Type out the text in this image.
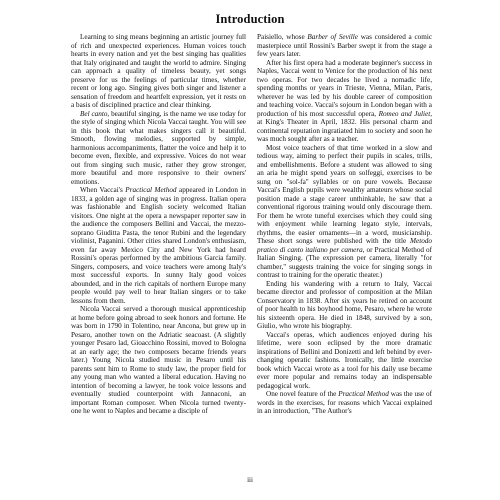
Introduction

Learning to sing means beginning an artistic journey full of rich and unexpected experiences. Human voices touch hearts in every nation and yet the best singing has qualities that Italy originated and taught the world to admire. Singing can approach a quality of timeless beauty, yet songs preserve for us the feelings of particular times, whether recent or long ago. Singing gives both singer and listener a sensation of freedom and heartfelt expression, yet it rests on a basis of disciplined practice and clear thinking.

Bel canto, beautiful singing, is the name we use today for the style of singing which Nicola Vaccai taught. You will see in this book that what makes singers call it beautiful. Smooth, flowing melodies, supported by simple, harmonious accompaniments, flatter the voice and help it to become even, flexible, and expressive. Voices do not wear out from singing such music, rather they grow stronger, more beautiful and more responsive to their owners' emotions.

When Vaccai's Practical Method appeared in London in 1833, a golden age of singing was in progress. Italian opera was fashionable and English society welcomed Italian visitors. One night at the opera a newspaper reporter saw in the audience the composers Bellini and Vaccai, the mezzo-soprano Giuditta Pasta, the tenor Rubini and the legendary violinist, Paganini. Other cities shared London's enthusiasm, even far away Mexico City and New York had heard Rossini's operas performed by the ambitious Garcia family. Singers, composers, and voice teachers were among Italy's most successful exports. In sunny Italy good voices abounded, and in the rich capitals of northern Europe many people would pay well to hear Italian singers or to take lessons from them.

Nicola Vaccai served a thorough musical apprenticeship at home before going abroad to seek honors and fortune. He was born in 1790 in Tolentino, near Ancona, but grew up in Pesaro, another town on the Adriatic seacoast. (A slightly younger Pesaro lad, Gioacchino Rossini, moved to Bologna at an early age; the two composers became friends years later.) Young Nicola studied music in Pesaro until his parents sent him to Rome to study law, the proper field for any young man who wanted a liberal education. Having no intention of becoming a lawyer, he took voice lessons and eventually studied counterpoint with Jannaconi, an important Roman composer. When Nicola turned twenty-one he went to Naples and became a disciple of

Paisiello, whose Barber of Seville was considered a comic masterpiece until Rossini's Barber swept it from the stage a few years later.

After his first opera had a moderate beginner's success in Naples, Vaccai went to Venice for the production of his next two operas. For two decades he lived a nomadic life, spending months or years in Trieste, Vienna, Milan, Paris, wherever he was led by his double career of composition and teaching voice. Vaccai's sojourn in London began with a production of his most successful opera, Romeo and Juliet, at King's Theater in April, 1832. His personal charm and continental reputation ingratiated him to society and soon he was much sought after as a teacher.

Most voice teachers of that time worked in a slow and tedious way, aiming to perfect their pupils in scales, trills, and embellishments. Before a student was allowed to sing an aria he might spend years on solfeggi, exercises to be sung on "sol-fa" syllables or on pure vowels. Because Vaccai's English pupils were wealthy amateurs whose social position made a stage career unthinkable, he saw that a conventional rigorous training would only discourage them. For them he wrote tuneful exercises which they could sing with enjoyment while learning legato style, intervals, rhythms, the easier ornaments—in a word, musicianship. These short songs were published with the title Metodo pratico di canto italiano per camera, or Practical Method of Italian Singing. (The expression per camera, literally "for chamber," suggests training the voice for singing songs in contrast to training for the operatic theater.)

Ending his wandering with a return to Italy, Vaccai became director and professor of composition at the Milan Conservatory in 1838. After six years he retired on account of poor health to his boyhood home, Pesaro, where he wrote his sixteenth opera. He died in 1848, survived by a son, Giulio, who wrote his biography.

Vaccai's operas, which audiences enjoyed during his lifetime, were soon eclipsed by the more dramatic inspirations of Bellini and Donizetti and left behind by ever-changing operatic fashions. Ironically, the little exercise book which Vaccai wrote as a tool for his daily use became ever more popular and remains today an indispensable pedagogical work.

One novel feature of the Practical Method was the use of words in the exercises, for reasons which Vaccai explained in an introduction, "The Author's

iii
